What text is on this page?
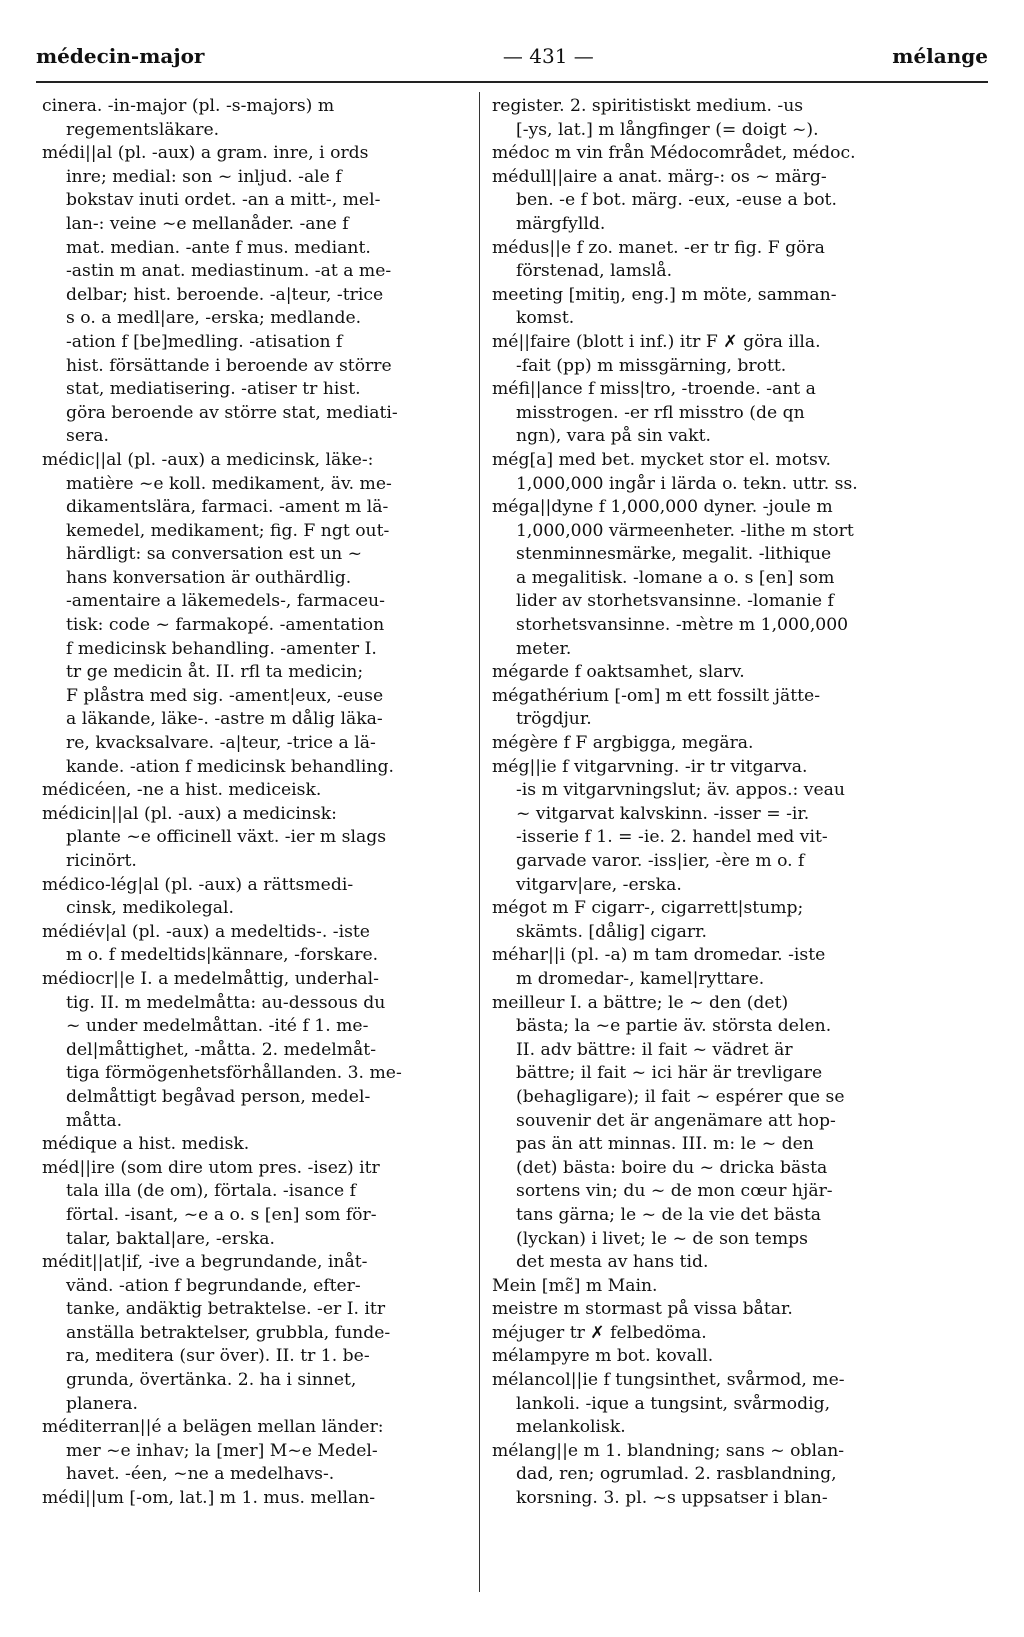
médecin-major	— 431 —	mélange
cinera. -in-major (pl. -s-majors) m
regementsläkare.
médi||al (pl. -aux) a gram. inre, i ords
inre; medial: son ~ inljud. -ale f
bokstav inuti ordet. -an a mitt-, mel-
lan-: veine ~e mellanåder. -ane f
mat. median. -ante f mus. mediant.
-astin m anat. mediastinum. -at a me-
delbar; hist. beroende. -a|teur, -trice
s o. a medl|are, -erska; medlande.
-ation f [be]medling. -atisation f
hist. försättande i beroende av större
stat, mediatisering. -atiser tr hist.
göra beroende av större stat, mediati-
sera.
médic||al (pl. -aux) a medicinsk, läke-:
matière ~e koll. medikament, äv. me-
dikamentslära, farmaci. -ament m lä-
kemedel, medikament; fig. F ngt out-
härdligt: sa conversation est un ~
hans konversation är outhärdlig.
-amentaire a läkemedels-, farmaceu-
tisk: code ~ farmakopé. -amentation
f medicinsk behandling. -amenter I.
tr ge medicin åt. II. rfl ta medicin;
F plåstra med sig. -ament|eux, -euse
a läkande, läke-. -astre m dålig läka-
re, kvacksalvare. -a|teur, -trice a lä-
kande. -ation f medicinsk behandling.
médicéen, -ne a hist. mediceisk.
médicin||al (pl. -aux) a medicinsk:
plante ~e officinell växt. -ier m slags
ricinört.
médico-lég|al (pl. -aux) a rättsmedi-
cinsk, medikolegal.
médiév|al (pl. -aux) a medeltids-. -iste
m o. f medeltids|kännare, -forskare.
médiocr||e I. a medelmåttig, underhal-
tig. II. m medelmåtta: au-dessous du
~ under medelmåttan. -ité f 1. me-
del|måttighet, -måtta. 2. medelmåt-
tiga förmögenhetsförhållanden. 3. me-
delmåttigt begåvad person, medel-
måtta.
médique a hist. medisk.
méd||ire (som dire utom pres. -isez) itr
tala illa (de om), förtala. -isance f
förtal. -isant, ~e a o. s [en] som för-
talar, baktal|are, -erska.
médit||at|if, -ive a begrundande, inåt-
vänd. -ation f begrundande, efter-
tanke, andäktig betraktelse. -er I. itr
anställa betraktelser, grubbla, funde-
ra, meditera (sur över). II. tr 1. be-
grunda, övertänka. 2. ha i sinnet,
planera.
méditerran||é a belägen mellan länder:
mer ~e inhav; la [mer] M~e Medel-
havet. -éen, ~ne a medelhavs-.
médi||um [-om, lat.] m 1. mus. mellan-
register. 2. spiritistiskt medium. -us
[-ys, lat.] m långfinger (= doigt ~).
médoc m vin från Médocområdet, médoc.
médull||aire a anat. märg-: os ~ märg-
ben. -e f bot. märg. -eux, -euse a bot.
märgfylld.
médus||e f zo. manet. -er tr fig. F göra
förstenad, lamslå.
meeting [mitiŋ, eng.] m möte, samman-
komst.
mé||faire (blott i inf.) itr F ✗ göra illa.
-fait (pp) m missgärning, brott.
méfi||ance f miss|tro, -troende. -ant a
misstrogen. -er rfl misstro (de qn
ngn), vara på sin vakt.
még[a] med bet. mycket stor el. motsv.
1,000,000 ingår i lärda o. tekn. uttr. ss.
méga||dyne f 1,000,000 dyner. -joule m
1,000,000 värmeenheter. -lithe m stort
stenminnesmärke, megalit. -lithique
a megalitisk. -lomane a o. s [en] som
lider av storhetsvansinne. -lomanie f
storhetsvansinne. -mètre m 1,000,000
meter.
mégarde f oaktsamhet, slarv.
mégathérium [-om] m ett fossilt jätte-
trögdjur.
mégère f F argbigga, megära.
még||ie f vitgarvning. -ir tr vitgarva.
-is m vitgarvningslut; äv. appos.: veau
~ vitgarvat kalvskinn. -isser = -ir.
-isserie f 1. = -ie. 2. handel med vit-
garvade varor. -iss|ier, -ère m o. f
vitgarv|are, -erska.
mégot m F cigarr-, cigarrett|stump;
skämts. [dålig] cigarr.
méhar||i (pl. -a) m tam dromedar. -iste
m dromedar-, kamel|ryttare.
meilleur I. a bättre; le ~ den (det)
bästa; la ~e partie äv. största delen.
II. adv bättre: il fait ~ vädret är
bättre; il fait ~ ici här är trevligare
(behagligare); il fait ~ espérer que se
souvenir det är angenämare att hop-
pas än att minnas. III. m: le ~ den
(det) bästa: boire du ~ dricka bästa
sortens vin; du ~ de mon cœur hjär-
tans gärna; le ~ de la vie det bästa
(lyckan) i livet; le ~ de son temps
det mesta av hans tid.
Mein [mɛ̃] m Main.
meistre m stormast på vissa båtar.
méjuger tr ✗ felbedöma.
mélampyre m bot. kovall.
mélancol||ie f tungsinthet, svårmod, me-
lankoli. -ique a tungsint, svårmodig,
melankolisk.
mélang||e m 1. blandning; sans ~ oblan-
dad, ren; ogrumlad. 2. rasblandning,
korsning. 3. pl. ~s uppsatser i blan-
